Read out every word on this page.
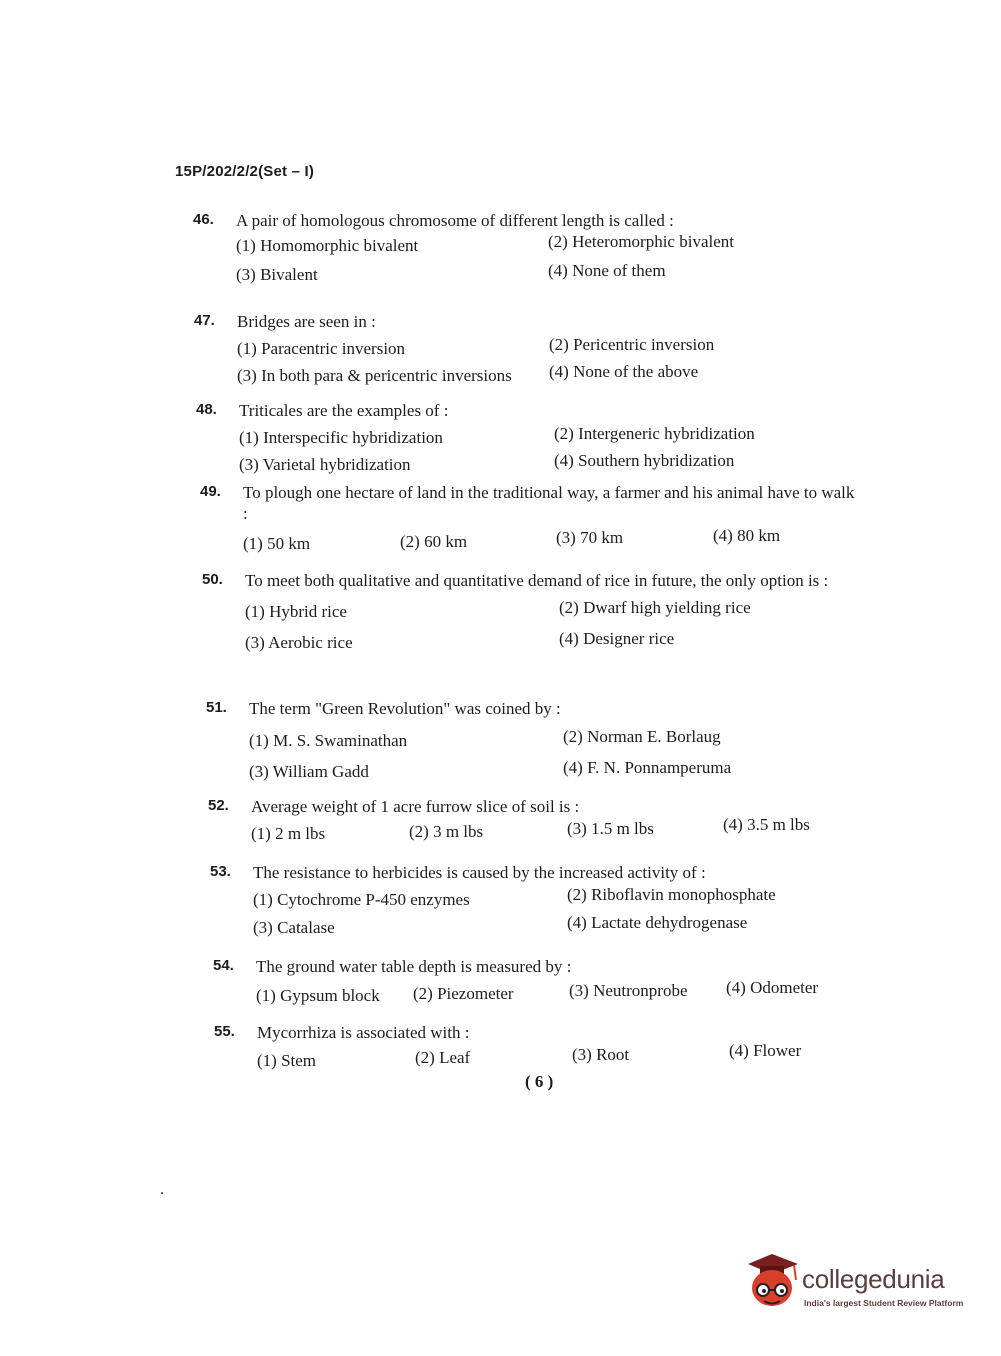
15P/202/2/2(Set – I)
46.	A pair of homologous chromosome of different length is called :
(1) Homomorphic bivalent	(2) Heteromorphic bivalent
(3) Bivalent	(4) None of them
47.	Bridges are seen in :
(1) Paracentric inversion	(2) Pericentric inversion
(3) In both para & pericentric inversions (4) None of the above
48.	Triticales are the examples of :
(1) Interspecific hybridization	(2) Intergeneric hybridization
(3) Varietal hybridization	(4) Southern hybridization
49.	To plough one hectare of land in the traditional way, a farmer and his animal have to walk :
(1) 50 km	(2) 60 km	(3) 70 km	(4) 80 km
50.	To meet both qualitative and quantitative demand of rice in future, the only option is :
(1) Hybrid rice	(2) Dwarf high yielding rice
(3) Aerobic rice	(4) Designer rice
51.	The term "Green Revolution" was coined by :
(1) M. S. Swaminathan	(2) Norman E. Borlaug
(3) William Gadd	(4) F. N. Ponnamperuma
52.	Average weight of 1 acre furrow slice of soil is :
(1) 2 m lbs	(2) 3 m lbs	(3) 1.5 m lbs	(4) 3.5 m lbs
53.	The resistance to herbicides is caused by the increased activity of :
(1) Cytochrome P-450 enzymes	(2) Riboflavin monophosphate
(3) Catalase	(4) Lactate dehydrogenase
54.	The ground water table depth is measured by :
(1) Gypsum block (2) Piezometer	(3) Neutronprobe (4) Odometer
55.	Mycorrhiza is associated with :
(1) Stem	(2) Leaf	(3) Root	(4) Flower
( 6 )
·
collegedunia
India's largest Student Review Platform
